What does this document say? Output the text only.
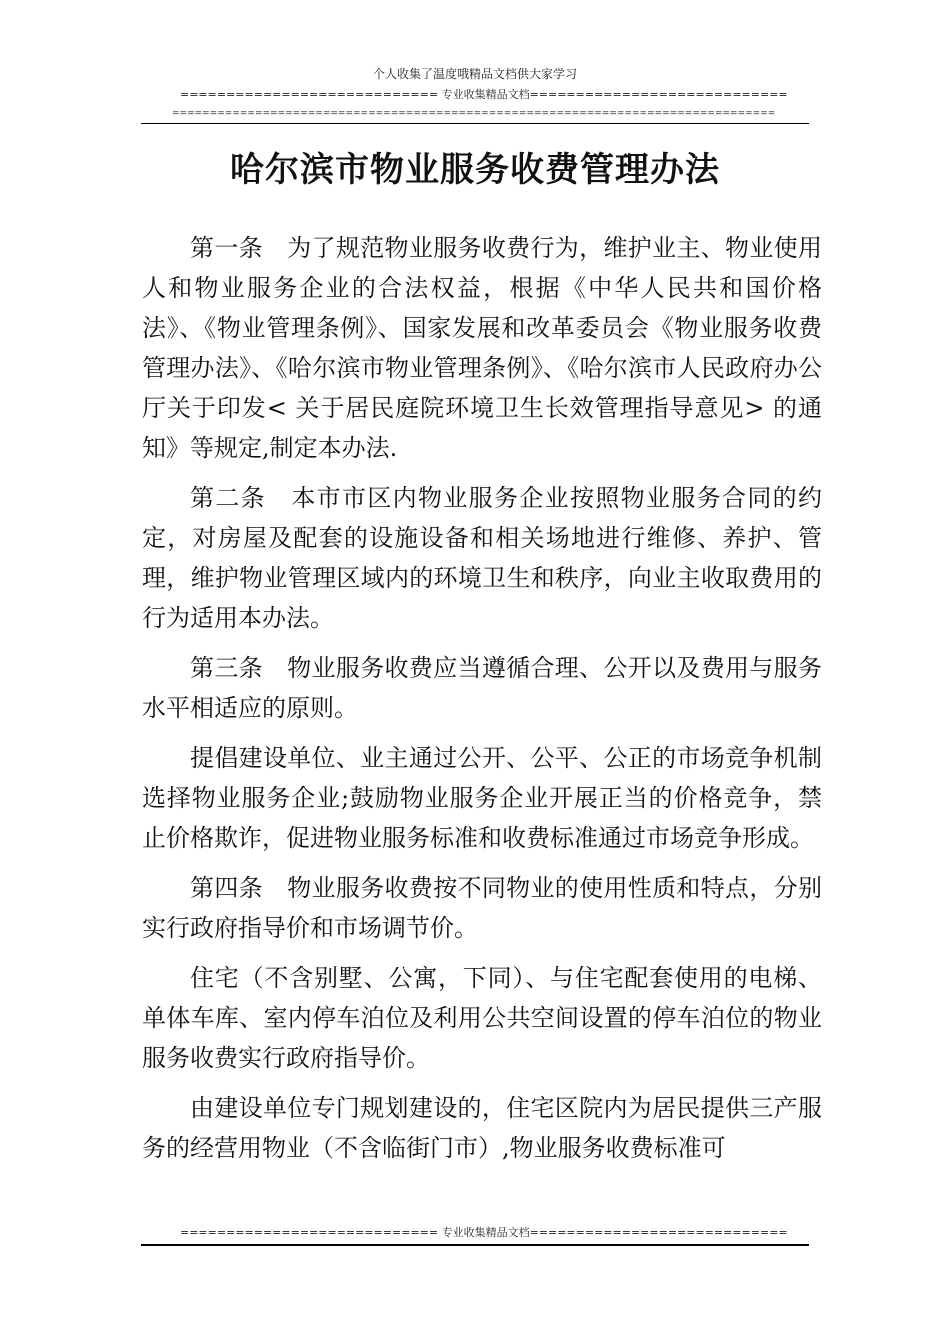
个人收集了温度哦精品文档供大家学习
============================ 专业收集精品文档============================
================================================================================
哈尔滨市物业服务收费管理办法

第一条　为了规范物业服务收费行为，维护业主、物业使用人和物业服务企业的合法权益，根据《中华人民共和国价格法》、《物业管理条例》、国家发展和改革委员会《物业服务收费管理办法》、《哈尔滨市物业管理条例》、《哈尔滨市人民政府办公厅关于印发< 关于居民庭院环境卫生长效管理指导意见> 的通知》等规定,制定本办法.

第二条　本市市区内物业服务企业按照物业服务合同的约定，对房屋及配套的设施设备和相关场地进行维修、养护、管理，维护物业管理区域内的环境卫生和秩序，向业主收取费用的行为适用本办法。

第三条　物业服务收费应当遵循合理、公开以及费用与服务水平相适应的原则。

提倡建设单位、业主通过公开、公平、公正的市场竞争机制选择物业服务企业;鼓励物业服务企业开展正当的价格竞争，禁止价格欺诈，促进物业服务标准和收费标准通过市场竞争形成。

第四条　物业服务收费按不同物业的使用性质和特点，分别实行政府指导价和市场调节价。

住宅（不含别墅、公寓，下同）、与住宅配套使用的电梯、单体车库、室内停车泊位及利用公共空间设置的停车泊位的物业服务收费实行政府指导价。

由建设单位专门规划建设的，住宅区院内为居民提供三产服务的经营用物业（不含临街门市）,物业服务收费标准可

============================ 专业收集精品文档============================
